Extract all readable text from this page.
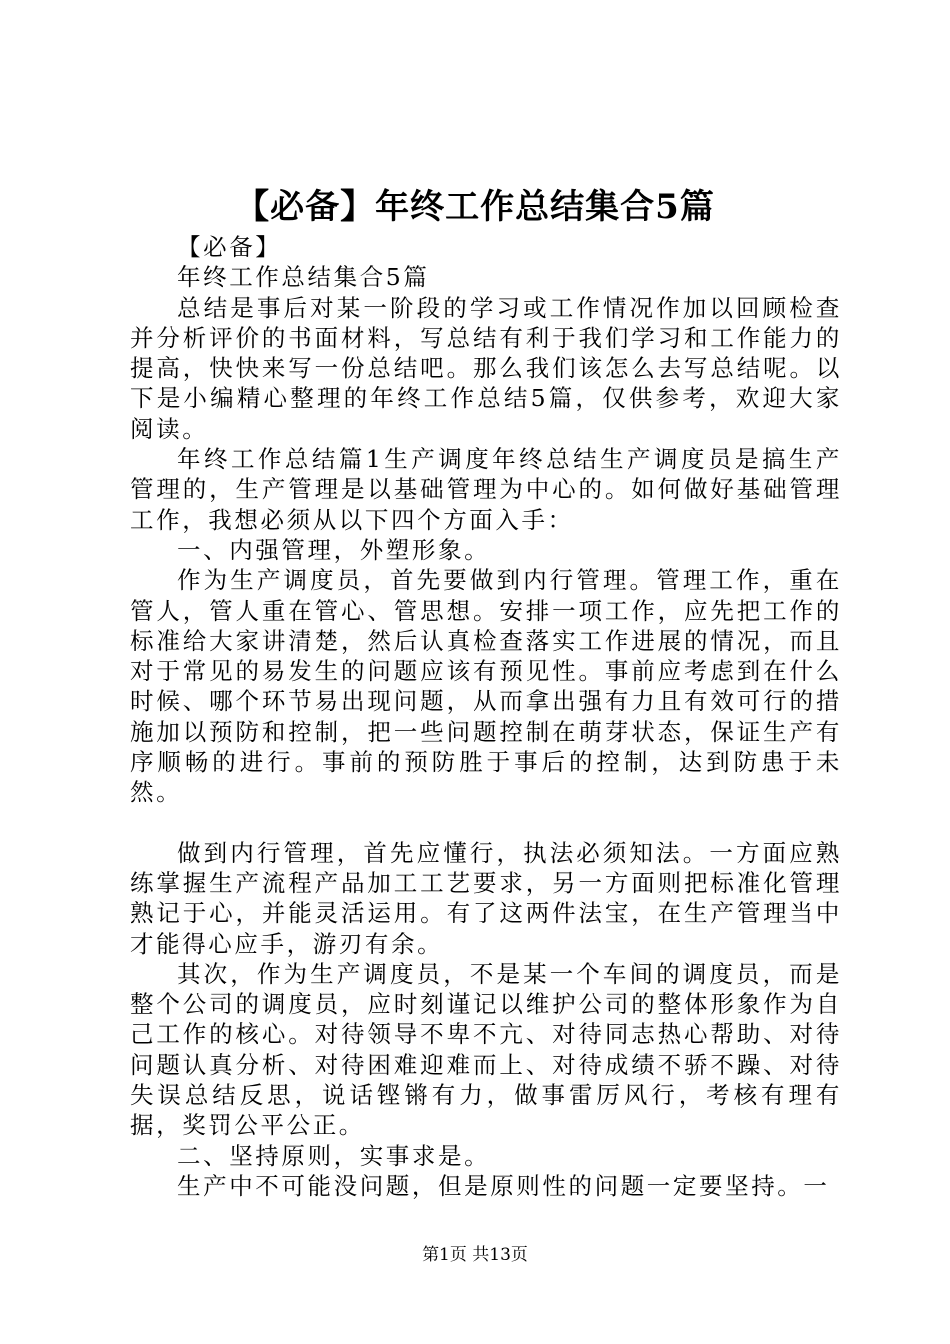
【必备】年终工作总结集合5篇

【必备】

年终工作总结集合5篇

总结是事后对某一阶段的学习或工作情况作加以回顾检查并分析评价的书面材料，写总结有利于我们学习和工作能力的提高，快快来写一份总结吧。那么我们该怎么去写总结呢。以下是小编精心整理的年终工作总结5篇，仅供参考，欢迎大家阅读。

年终工作总结篇1生产调度年终总结生产调度员是搞生产管理的，生产管理是以基础管理为中心的。如何做好基础管理工作，我想必须从以下四个方面入手：

一、内强管理，外塑形象。

作为生产调度员，首先要做到内行管理。管理工作，重在管人，管人重在管心、管思想。安排一项工作，应先把工作的标准给大家讲清楚，然后认真检查落实工作进展的情况，而且对于常见的易发生的问题应该有预见性。事前应考虑到在什么时候、哪个环节易出现问题，从而拿出强有力且有效可行的措施加以预防和控制，把一些问题控制在萌芽状态，保证生产有序顺畅的进行。事前的预防胜于事后的控制，达到防患于未然。

做到内行管理，首先应懂行，执法必须知法。一方面应熟练掌握生产流程产品加工工艺要求，另一方面则把标准化管理熟记于心，并能灵活运用。有了这两件法宝，在生产管理当中才能得心应手，游刃有余。

其次，作为生产调度员，不是某一个车间的调度员，而是整个公司的调度员，应时刻谨记以维护公司的整体形象作为自己工作的核心。对待领导不卑不亢、对待同志热心帮助、对待问题认真分析、对待困难迎难而上、对待成绩不骄不躁、对待失误总结反思，说话铿锵有力，做事雷厉风行，考核有理有据，奖罚公平公正。

二、坚持原则，实事求是。

生产中不可能没问题，但是原则性的问题一定要坚持。一

第1页 共13页
